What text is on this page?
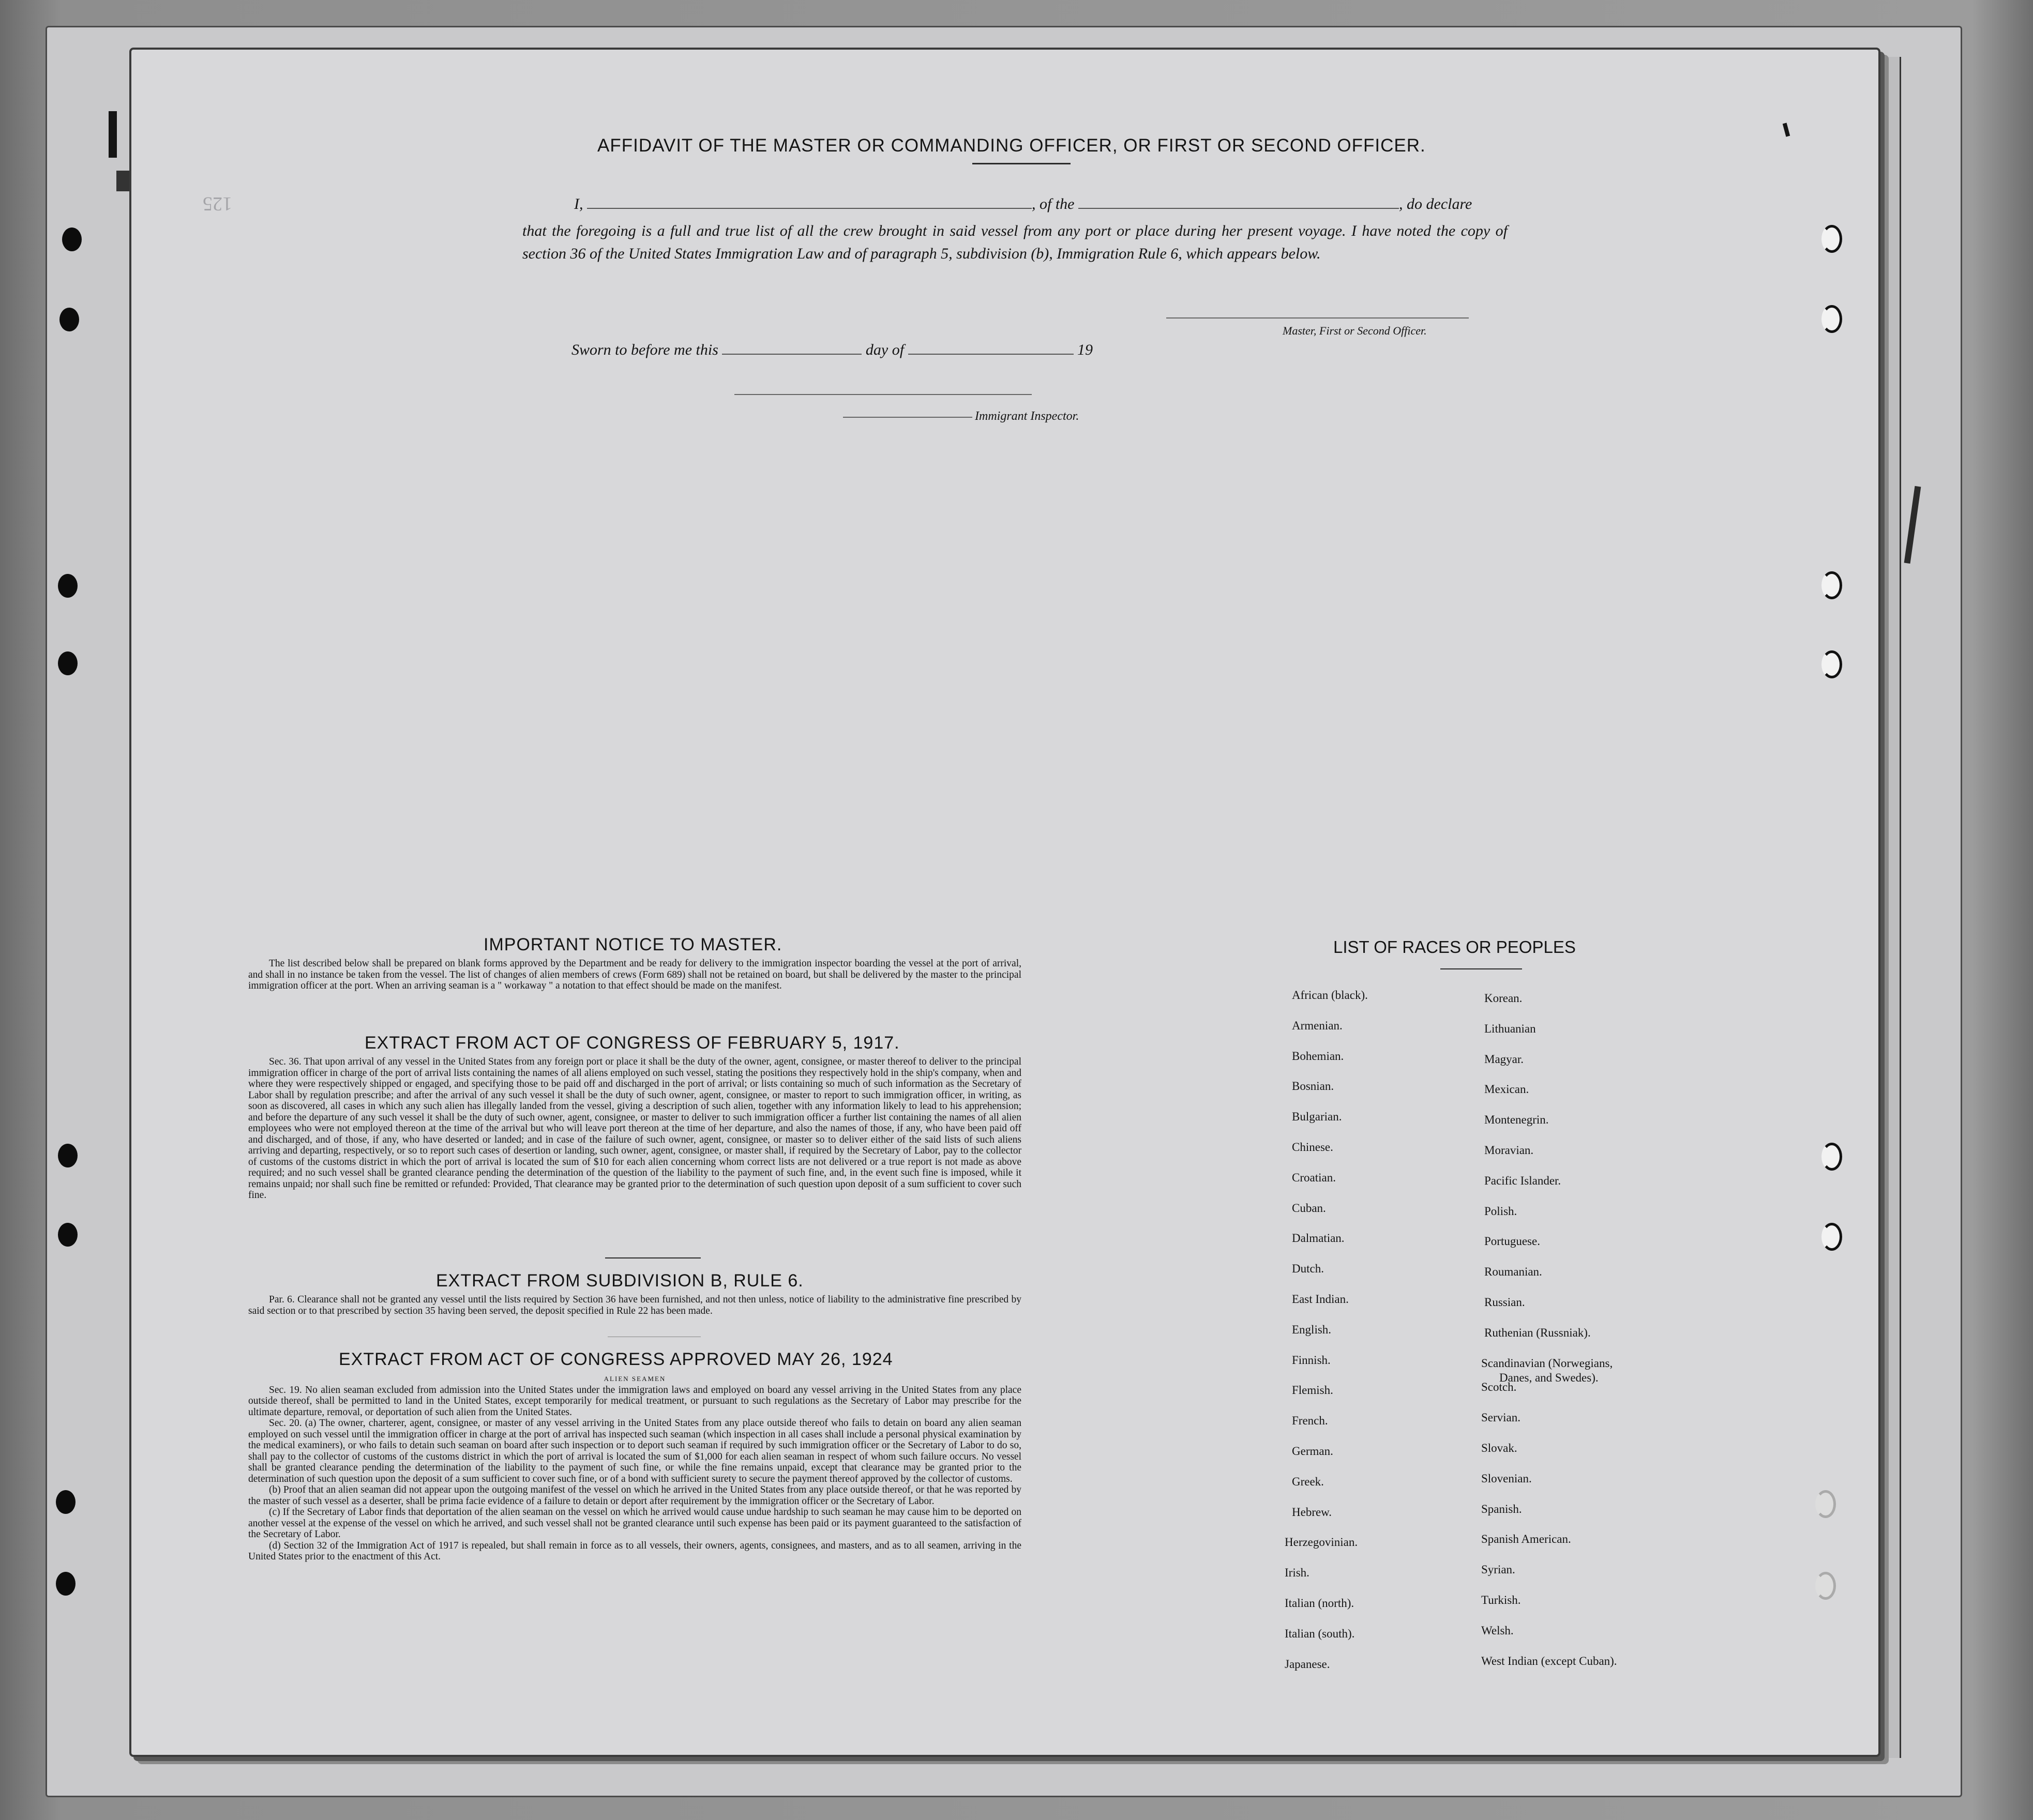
125
AFFIDAVIT OF THE MASTER OR COMMANDING OFFICER, OR FIRST OR SECOND OFFICER.
I,	, of the	, do declare
that the foregoing is a full and true list of all the crew brought in said vessel from any port or place during her present voyage. I have noted the copy of section 36 of the United States Immigration Law and of paragraph 5, subdivision (b), Immigration Rule 6, which appears below.
Master, First or Second Officer.
Sworn to before me this	day of	19
Immigrant Inspector.
IMPORTANT NOTICE TO MASTER.

The list described below shall be prepared on blank forms approved by the Department and be ready for delivery to the immigration inspector boarding the vessel at the port of arrival, and shall in no instance be taken from the vessel. The list of changes of alien members of crews (Form 689) shall not be retained on board, but shall be delivered by the master to the principal immigration officer at the port. When an arriving seaman is a " workaway " a notation to that effect should be made on the manifest.

EXTRACT FROM ACT OF CONGRESS OF FEBRUARY 5, 1917.

Sec. 36. That upon arrival of any vessel in the United States from any foreign port or place it shall be the duty of the owner, agent, consignee, or master thereof to deliver to the principal immigration officer in charge of the port of arrival lists containing the names of all aliens employed on such vessel, stating the positions they respectively hold in the ship's company, when and where they were respectively shipped or engaged, and specifying those to be paid off and discharged in the port of arrival; or lists containing so much of such information as the Secretary of Labor shall by regulation prescribe; and after the arrival of any such vessel it shall be the duty of such owner, agent, consignee, or master to report to such immigration officer, in writing, as soon as discovered, all cases in which any such alien has illegally landed from the vessel, giving a description of such alien, together with any information likely to lead to his apprehension; and before the departure of any such vessel it shall be the duty of such owner, agent, consignee, or master to deliver to such immigration officer a further list containing the names of all alien employees who were not employed thereon at the time of the arrival but who will leave port thereon at the time of her departure, and also the names of those, if any, who have been paid off and discharged, and of those, if any, who have deserted or landed; and in case of the failure of such owner, agent, consignee, or master so to deliver either of the said lists of such aliens arriving and departing, respectively, or so to report such cases of desertion or landing, such owner, agent, consignee, or master shall, if required by the Secretary of Labor, pay to the collector of customs of the customs district in which the port of arrival is located the sum of $10 for each alien concerning whom correct lists are not delivered or a true report is not made as above required; and no such vessel shall be granted clearance pending the determination of the question of the liability to the payment of such fine, and, in the event such fine is imposed, while it remains unpaid; nor shall such fine be remitted or refunded: Provided, That clearance may be granted prior to the determination of such question upon deposit of a sum sufficient to cover such fine.

EXTRACT FROM SUBDIVISION B, RULE 6.

Par. 6. Clearance shall not be granted any vessel until the lists required by Section 36 have been furnished, and not then unless, notice of liability to the administrative fine prescribed by said section or to that prescribed by section 35 having been served, the deposit specified in Rule 22 has been made.

EXTRACT FROM ACT OF CONGRESS APPROVED MAY 26, 1924

ALIEN SEAMEN

Sec. 19. No alien seaman excluded from admission into the United States under the immigration laws and employed on board any vessel arriving in the United States from any place outside thereof, shall be permitted to land in the United States, except temporarily for medical treatment, or pursuant to such regulations as the Secretary of Labor may prescribe for the ultimate departure, removal, or deportation of such alien from the United States.

Sec. 20. (a) The owner, charterer, agent, consignee, or master of any vessel arriving in the United States from any place outside thereof who fails to detain on board any alien seaman employed on such vessel until the immigration officer in charge at the port of arrival has inspected such seaman (which inspection in all cases shall include a personal physical examination by the medical examiners), or who fails to detain such seaman on board after such inspection or to deport such seaman if required by such immigration officer or the Secretary of Labor to do so, shall pay to the collector of customs of the customs district in which the port of arrival is located the sum of $1,000 for each alien seaman in respect of whom such failure occurs. No vessel shall be granted clearance pending the determination of the liability to the payment of such fine, or while the fine remains unpaid, except that clearance may be granted prior to the determination of such question upon the deposit of a sum sufficient to cover such fine, or of a bond with sufficient surety to secure the payment thereof approved by the collector of customs.

(b) Proof that an alien seaman did not appear upon the outgoing manifest of the vessel on which he arrived in the United States from any place outside thereof, or that he was reported by the master of such vessel as a deserter, shall be prima facie evidence of a failure to detain or deport after requirement by the immigration officer or the Secretary of Labor.

(c) If the Secretary of Labor finds that deportation of the alien seaman on the vessel on which he arrived would cause undue hardship to such seaman he may cause him to be deported on another vessel at the expense of the vessel on which he arrived, and such vessel shall not be granted clearance until such expense has been paid or its payment guaranteed to the satisfaction of the Secretary of Labor.

(d) Section 32 of the Immigration Act of 1917 is repealed, but shall remain in force as to all vessels, their owners, agents, consignees, and masters, and as to all seamen, arriving in the United States prior to the enactment of this Act.

LIST OF RACES OR PEOPLES
African (black).
Armenian.
Bohemian.
Bosnian.
Bulgarian.
Chinese.
Croatian.
Cuban.
Dalmatian.
Dutch.
East Indian.
English.
Finnish.
Flemish.
French.
German.
Greek.
Hebrew.
Herzegovinian.
Irish.
Italian (north).
Italian (south).
Japanese.
Korean.
Lithuanian
Magyar.
Mexican.
Montenegrin.
Moravian.
Pacific Islander.
Polish.
Portuguese.
Roumanian.
Russian.
Ruthenian (Russniak).
Scandinavian (Norwegians,
Danes, and Swedes).
Scotch.
Servian.
Slovak.
Slovenian.
Spanish.
Spanish American.
Syrian.
Turkish.
Welsh.
West Indian (except Cuban).
